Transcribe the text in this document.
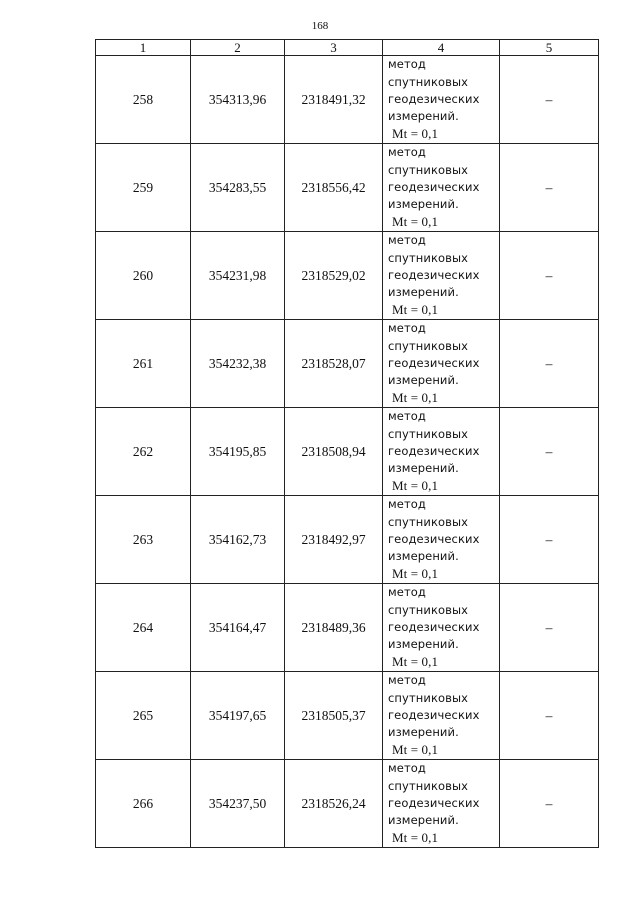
168
1	2	3	4	5
258	354313,96	2318491,32	метод
спутниковых
геодезических
измерений.
Mt = 0,1	–
259	354283,55	2318556,42	метод
спутниковых
геодезических
измерений.
Mt = 0,1	–
260	354231,98	2318529,02	метод
спутниковых
геодезических
измерений.
Mt = 0,1	–
261	354232,38	2318528,07	метод
спутниковых
геодезических
измерений.
Mt = 0,1	–
262	354195,85	2318508,94	метод
спутниковых
геодезических
измерений.
Mt = 0,1	–
263	354162,73	2318492,97	метод
спутниковых
геодезических
измерений.
Mt = 0,1	–
264	354164,47	2318489,36	метод
спутниковых
геодезических
измерений.
Mt = 0,1	–
265	354197,65	2318505,37	метод
спутниковых
геодезических
измерений.
Mt = 0,1	–
266	354237,50	2318526,24	метод
спутниковых
геодезических
измерений.
Mt = 0,1	–
